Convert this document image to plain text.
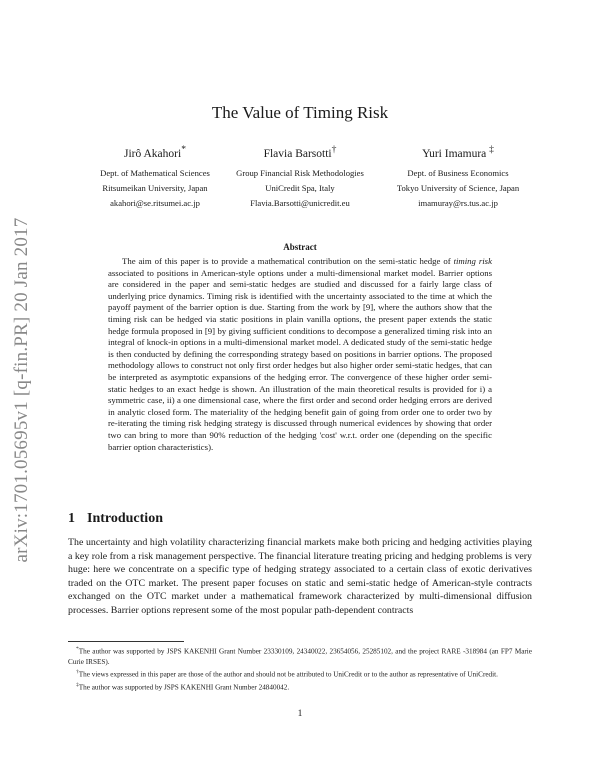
arXiv:1701.05695v1 [q-fin.PR] 20 Jan 2017
The Value of Timing Risk
Jirô Akahori*
Dept. of Mathematical Sciences
Ritsumeikan University, Japan
akahori@se.ritsumei.ac.jp
Flavia Barsotti†
Group Financial Risk Methodologies
UniCredit Spa, Italy
Flavia.Barsotti@unicredit.eu
Yuri Imamura ‡
Dept. of Business Economics
Tokyo University of Science, Japan
imamuray@rs.tus.ac.jp
Abstract
The aim of this paper is to provide a mathematical contribution on the semi-static hedge of timing risk associated to positions in American-style options under a multi-dimensional market model. Barrier options are considered in the paper and semi-static hedges are studied and discussed for a fairly large class of underlying price dynamics. Timing risk is identified with the uncertainty associated to the time at which the payoff payment of the barrier option is due. Starting from the work by [9], where the authors show that the timing risk can be hedged via static positions in plain vanilla options, the present paper extends the static hedge formula proposed in [9] by giving sufficient conditions to decompose a generalized timing risk into an integral of knock-in options in a multi-dimensional market model. A dedicated study of the semi-static hedge is then conducted by defining the corresponding strategy based on positions in barrier options. The proposed methodology allows to construct not only first order hedges but also higher order semi-static hedges, that can be interpreted as asymptotic expansions of the hedging error. The convergence of these higher order semi-static hedges to an exact hedge is shown. An illustration of the main theoretical results is provided for i) a symmetric case, ii) a one dimensional case, where the first order and second order hedging errors are derived in analytic closed form. The materiality of the hedging benefit gain of going from order one to order two by re-iterating the timing risk hedging strategy is discussed through numerical evidences by showing that order two can bring to more than 90% reduction of the hedging 'cost' w.r.t. order one (depending on the specific barrier option characteristics).
1 Introduction
The uncertainty and high volatility characterizing financial markets make both pricing and hedging activities playing a key role from a risk management perspective. The financial literature treating pricing and hedging problems is very huge: here we concentrate on a specific type of hedging strategy associated to a certain class of exotic derivatives traded on the OTC market. The present paper focuses on static and semi-static hedge of American-style contracts exchanged on the OTC market under a mathematical framework characterized by multi-dimensional diffusion processes. Barrier options represent some of the most popular path-dependent contracts

*The author was supported by JSPS KAKENHI Grant Number 23330109, 24340022, 23654056, 25285102, and the project RARE -318984 (an FP7 Marie Curie IRSES).

†The views expressed in this paper are those of the author and should not be attributed to UniCredit or to the author as representative of UniCredit.

‡The author was supported by JSPS KAKENHI Grant Number 24840042.

1
